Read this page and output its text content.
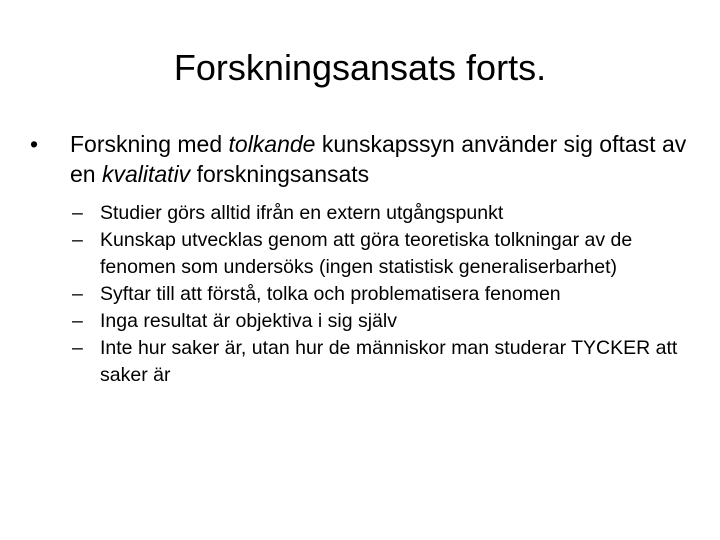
Forskningsansats forts.
•	Forskning med tolkande kunskapssyn använder sig oftast av en kvalitativ forskningsansats
– Studier görs alltid ifrån en extern utgångspunkt
– Kunskap utvecklas genom att göra teoretiska tolkningar av de fenomen som undersöks (ingen statistisk generaliserbarhet)
– Syftar till att förstå, tolka och problematisera fenomen
– Inga resultat är objektiva i sig själv
– Inte hur saker är, utan hur de människor man studerar TYCKER att saker är
